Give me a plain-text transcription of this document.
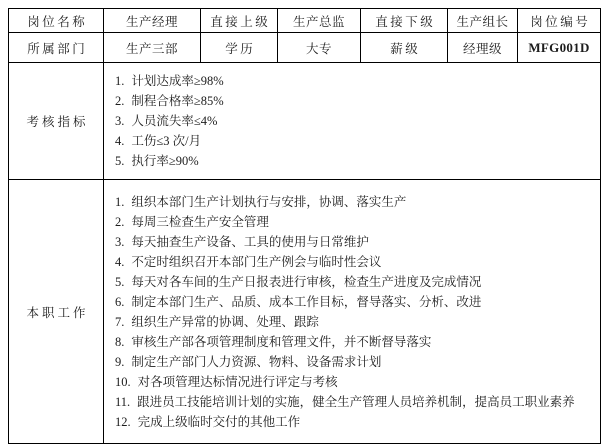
岗位名称	生产经理	直接上级	生产总监	直接下级	生产组长	岗位编号
所属部门	生产三部	学历	大专	薪级	经理级	MFG001D
考核指标	1. 计划达成率≥98%
2. 制程合格率≥85%
3. 人员流失率≤4%
4. 工伤≤3 次/月
5. 执行率≥90%					

本职工作	
1. 组织本部门生产计划执行与安排，协调、落实生产
2. 每周三检查生产安全管理
3. 每天抽查生产设备、工具的使用与日常维护
4. 不定时组织召开本部门生产例会与临时性会议
5. 每天对各车间的生产日报表进行审核，检查生产进度及完成情况
6. 制定本部门生产、品质、成本工作目标，督导落实、分析、改进
7. 组织生产异常的协调、处理、跟踪
8. 审核生产部各项管理制度和管理文件，并不断督导落实
9. 制定生产部门人力资源、物料、设备需求计划
10. 对各项管理达标情况进行评定与考核
11. 跟进员工技能培训计划的实施，健全生产管理人员培养机制，提高员工职业素养
12. 完成上级临时交付的其他工作
